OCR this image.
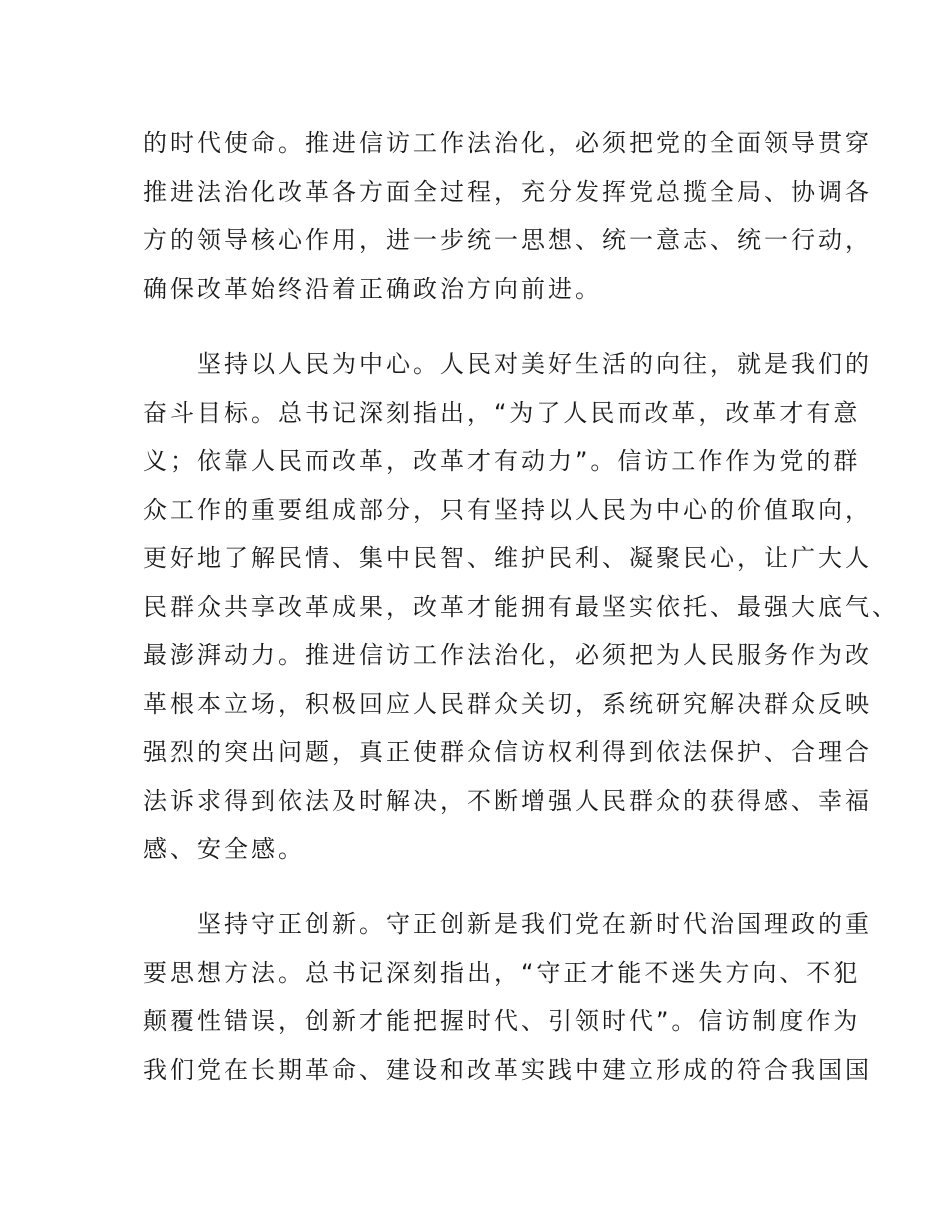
的时代使命。推进信访工作法治化，必须把党的全面领导贯穿
推进法治化改革各方面全过程，充分发挥党总揽全局、协调各
方的领导核心作用，进一步统一思想、统一意志、统一行动，
确保改革始终沿着正确政治方向前进。
　　坚持以人民为中心。人民对美好生活的向往，就是我们的
奋斗目标。总书记深刻指出，“为了人民而改革，改革才有意
义；依靠人民而改革，改革才有动力”。信访工作作为党的群
众工作的重要组成部分，只有坚持以人民为中心的价值取向，
更好地了解民情、集中民智、维护民利、凝聚民心，让广大人
民群众共享改革成果，改革才能拥有最坚实依托、最强大底气、
最澎湃动力。推进信访工作法治化，必须把为人民服务作为改
革根本立场，积极回应人民群众关切，系统研究解决群众反映
强烈的突出问题，真正使群众信访权利得到依法保护、合理合
法诉求得到依法及时解决，不断增强人民群众的获得感、幸福
感、安全感。
　　坚持守正创新。守正创新是我们党在新时代治国理政的重
要思想方法。总书记深刻指出，“守正才能不迷失方向、不犯
颠覆性错误，创新才能把握时代、引领时代”。信访制度作为
我们党在长期革命、建设和改革实践中建立形成的符合我国国
